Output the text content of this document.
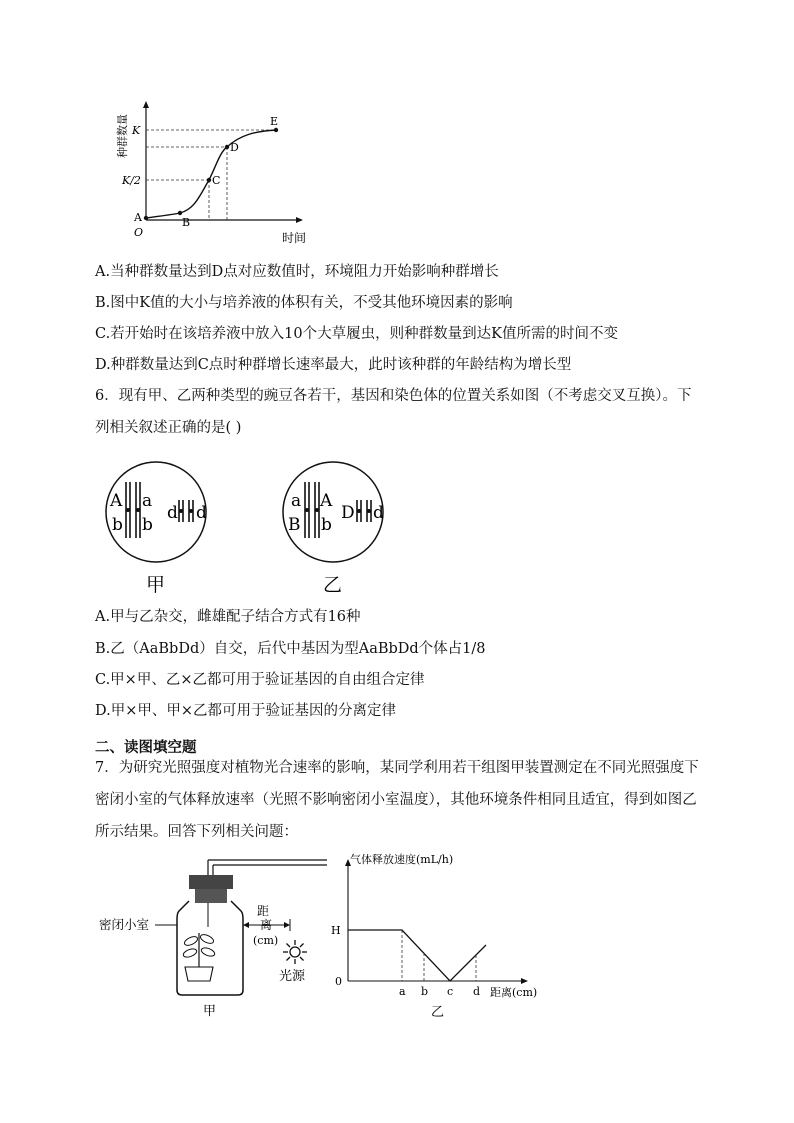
A	B
C
D
E
K
K/2
O	时间
种群数量
A.当种群数量达到D点对应数值时，环境阻力开始影响种群增长
B.图中K值的大小与培养液的体积有关，不受其他环境因素的影响
C.若开始时在该培养液中放入10个大草履虫，则种群数量到达K值所需的时间不变
D.种群数量达到C点时种群增长速率最大，此时该种群的年龄结构为增长型
6．现有甲、乙两种类型的豌豆各若干，基因和染色体的位置关系如图（不考虑交叉互换）。下列相关叙述正确的是( )
A a
b b
d d
甲
a A
B b
D d
乙
A.甲与乙杂交，雌雄配子结合方式有16种
B.乙（AaBbDd）自交，后代中基因为型AaBbDd个体占1/8
C.甲×甲、乙×乙都可用于验证基因的自由组合定律
D.甲×甲、甲×乙都可用于验证基因的分离定律
二、读图填空题
7．为研究光照强度对植物光合速率的影响，某同学利用若干组图甲装置测定在不同光照强度下密闭小室的气体释放速率（光照不影响密闭小室温度），其他环境条件相同且适宜，得到如图乙所示结果。回答下列相关问题：
距
离
(cm)
光源
密闭小室
甲
气体释放速度(mL/h)
H
0
a b c d 距离(cm)
乙
